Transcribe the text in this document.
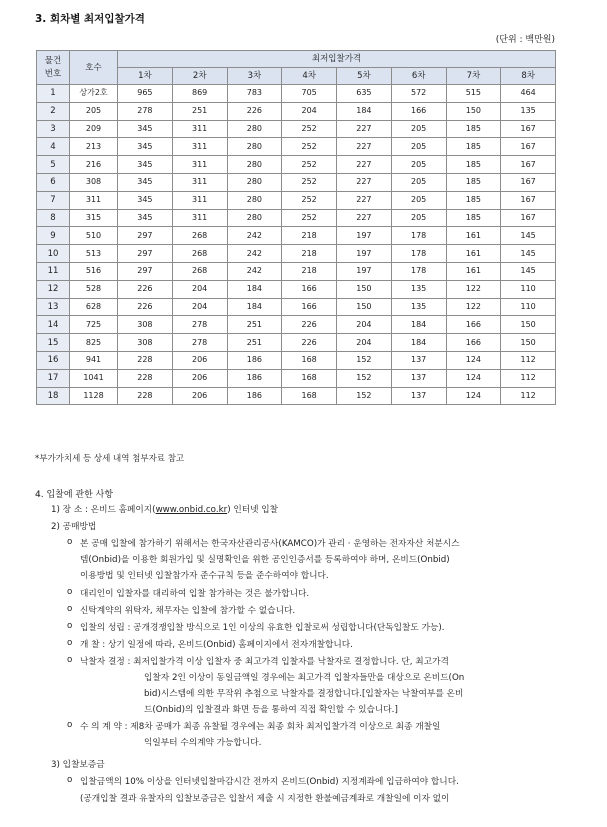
3. 회차별 최저입찰가격
(단위 : 백만원)
물건
번호	호수	최저입찰가격							
		1차	2차	3차	4차	5차	6차	7차	8차
1	상가2호	965	869	783	705	635	572	515	464
2	205	278	251	226	204	184	166	150	135
3	209	345	311	280	252	227	205	185	167
4	213	345	311	280	252	227	205	185	167
5	216	345	311	280	252	227	205	185	167
6	308	345	311	280	252	227	205	185	167
7	311	345	311	280	252	227	205	185	167
8	315	345	311	280	252	227	205	185	167
9	510	297	268	242	218	197	178	161	145
10	513	297	268	242	218	197	178	161	145
11	516	297	268	242	218	197	178	161	145
12	528	226	204	184	166	150	135	122	110
13	628	226	204	184	166	150	135	122	110
14	725	308	278	251	226	204	184	166	150
15	825	308	278	251	226	204	184	166	150
16	941	228	206	186	168	152	137	124	112
17	1041	228	206	186	168	152	137	124	112
18	1128	228	206	186	168	152	137	124	112
*부가가치세 등 상세 내역 첨부자료 참고
4. 입찰에 관한 사항
1) 장 소 : 온비드 홈페이지(www.onbid.co.kr) 인터넷 입찰
2) 공매방법
o 본 공매 입찰에 참가하기 위해서는 한국자산관리공사(KAMCO)가 관리 · 운영하는 전자자산 처분시스
템(Onbid)을 이용한 회원가입 및 실명확인을 위한 공인인증서를 등록하여야 하며, 온비드(Onbid)
이용방법 및 인터넷 입찰참가자 준수규칙 등을 준수하여야 합니다.
o 대리인이 입찰자를 대리하여 입찰 참가하는 것은 불가합니다.
o 신탁계약의 위탁자, 채무자는 입찰에 참가할 수 없습니다.
o 입찰의 성립 : 공개경쟁입찰 방식으로 1인 이상의 유효한 입찰로써 성립합니다(단독입찰도 가능).
o 개 찰 : 상기 일정에 따라, 온비드(Onbid) 홈페이지에서 전자개찰합니다.
o 낙찰자 결정 : 최저입찰가격 이상 입찰자 중 최고가격 입찰자를 낙찰자로 결정합니다. 단, 최고가격
입찰자 2인 이상이 동일금액일 경우에는 최고가격 입찰자들만을 대상으로 온비드(On
bid)시스템에 의한 무작위 추첨으로 낙찰자를 결정합니다.[입찰자는 낙찰여부를 온비
드(Onbid)의 입찰결과 화면 등을 통하여 직접 확인할 수 있습니다.]
o 수 의 계 약 : 제8차 공매가 최종 유찰될 경우에는 최종 회차 최저입찰가격 이상으로 최종 개찰일
익일부터 수의계약 가능합니다.
3) 입찰보증금
o 입찰금액의 10% 이상을 인터넷입찰마감시간 전까지 온비드(Onbid) 지정계좌에 입금하여야 합니다.
(공개입찰 결과 유찰자의 입찰보증금은 입찰서 제출 시 지정한 환불예금계좌로 개찰일에 이자 없이
